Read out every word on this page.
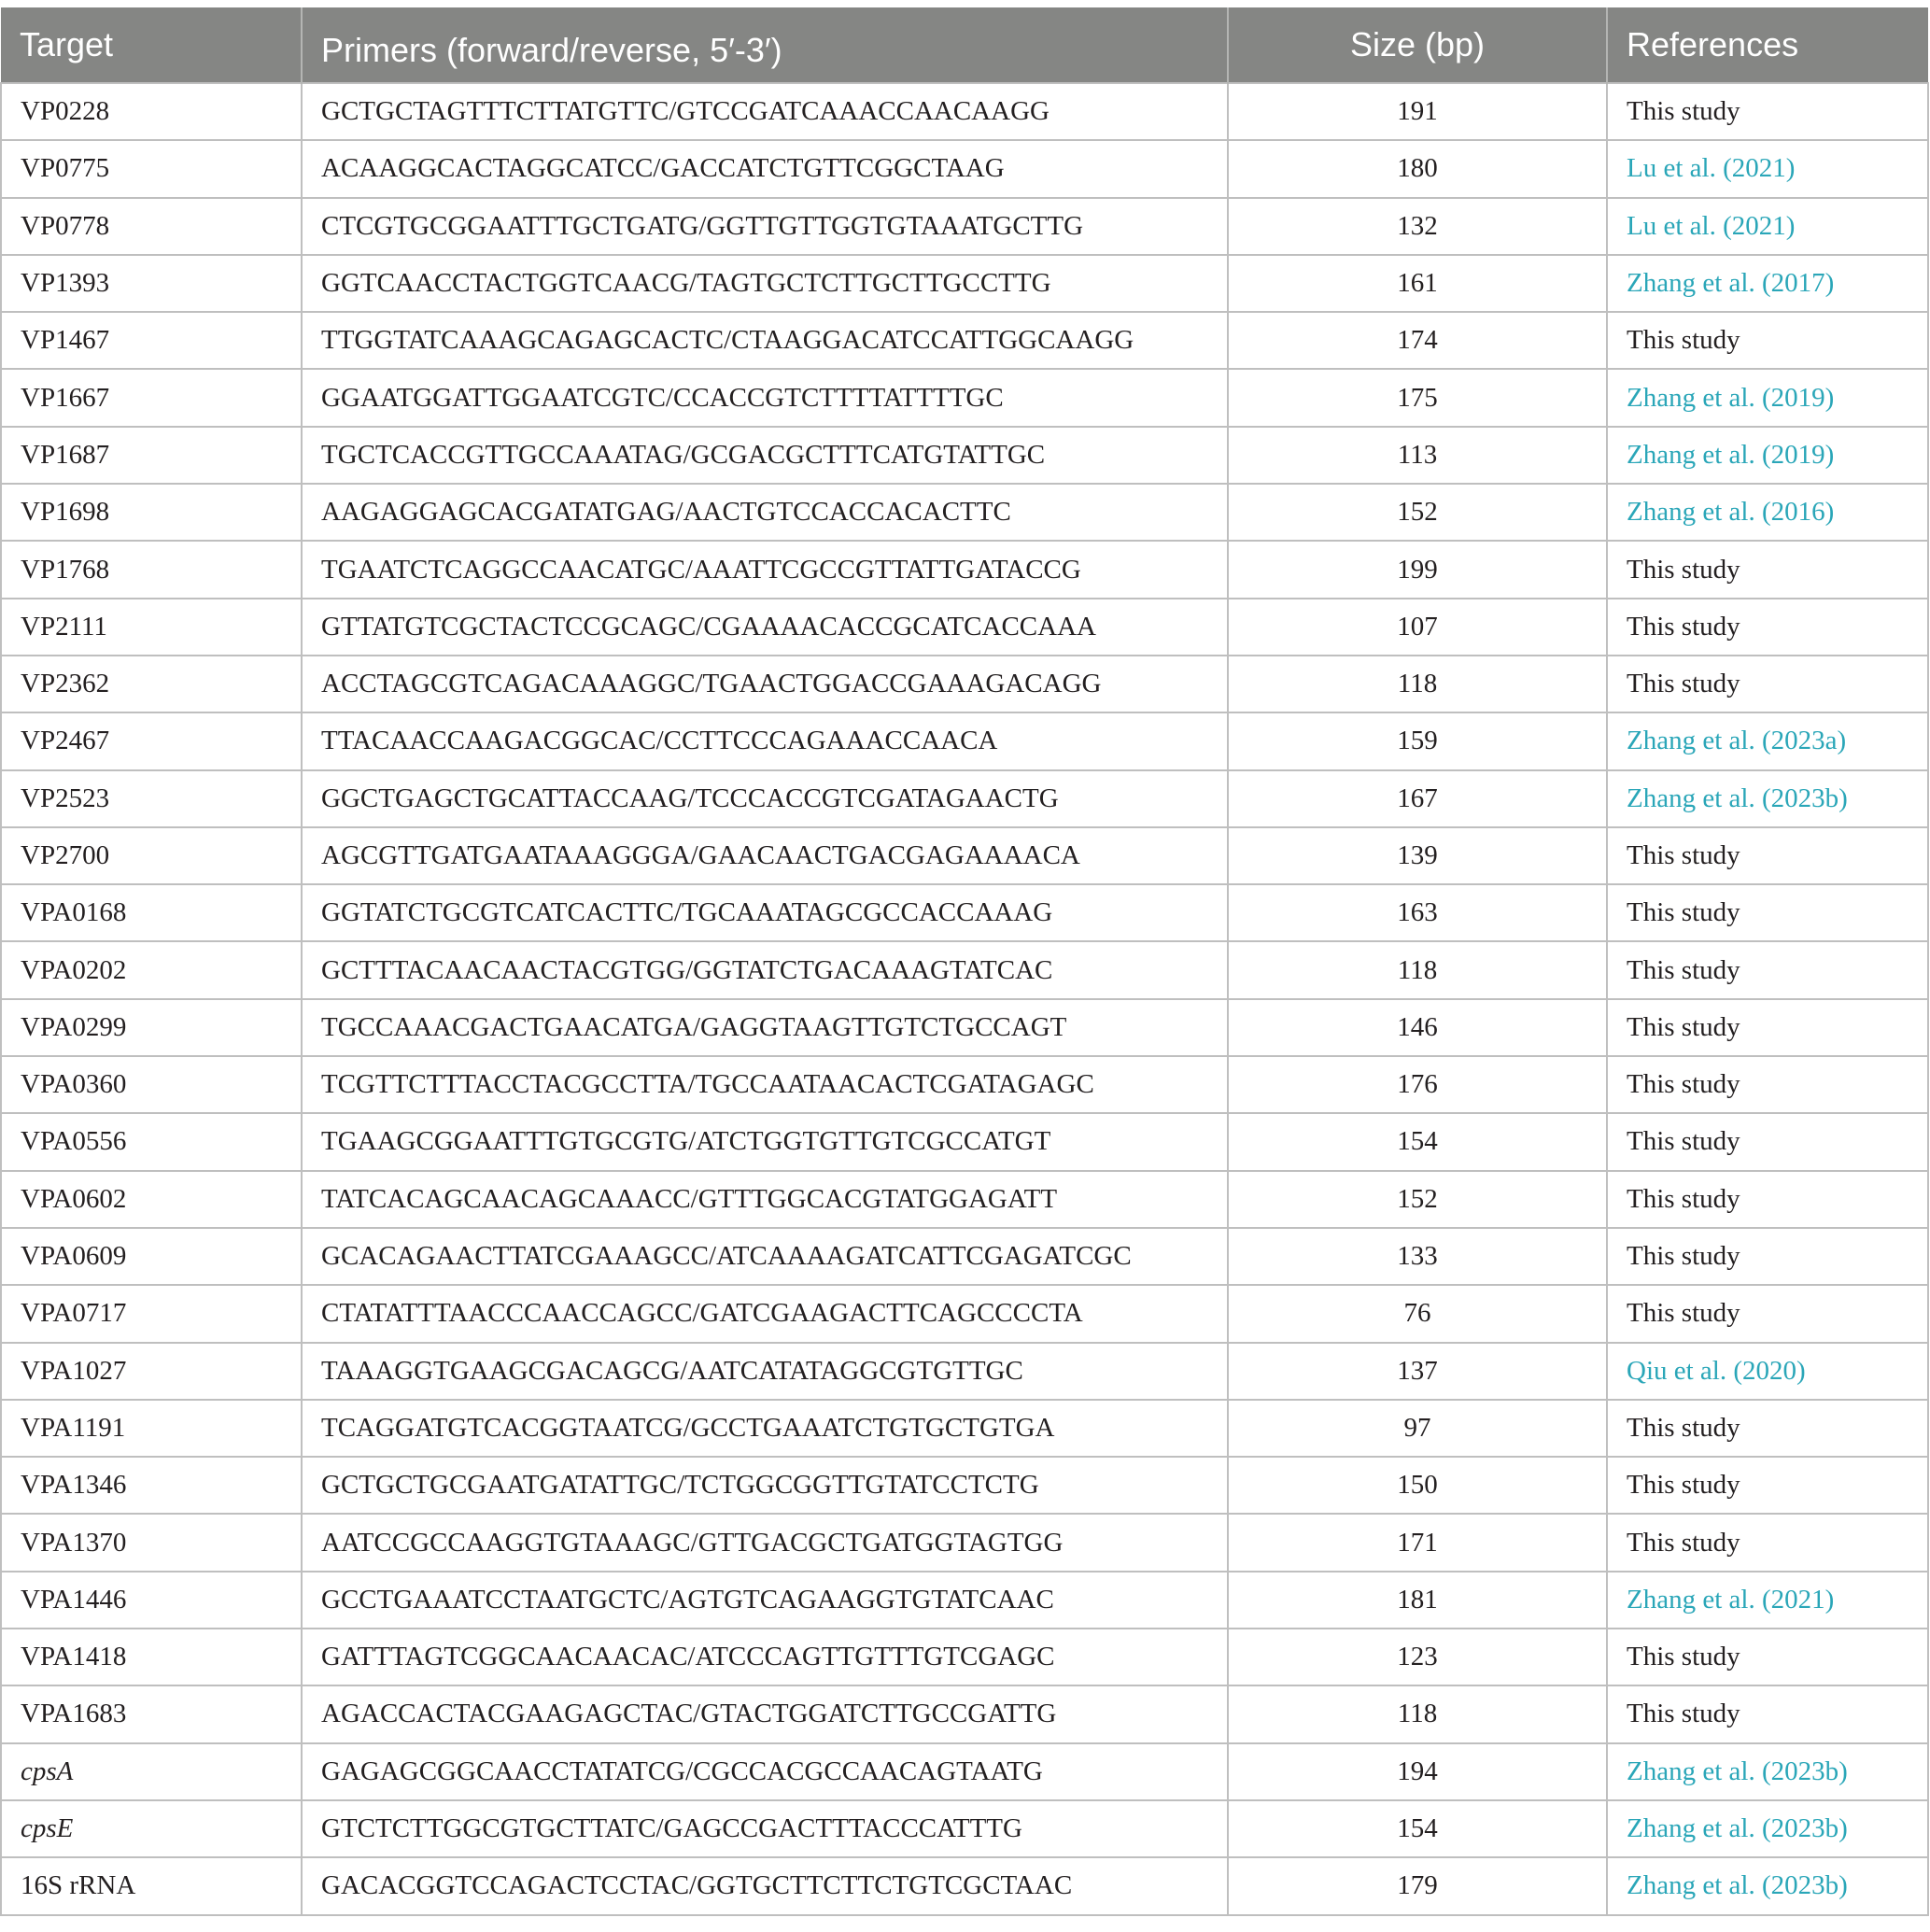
Target	Primers (forward/reverse, 5′-3′)	Size (bp)	References
VP0228	GCTGCTAGTTTCTTATGTTC/GTCCGATCAAACCAACAAGG	191	This study
VP0775	ACAAGGCACTAGGCATCC/GACCATCTGTTCGGCTAAG	180	Lu et al. (2021)
VP0778	CTCGTGCGGAATTTGCTGATG/GGTTGTTGGTGTAAATGCTTG	132	Lu et al. (2021)
VP1393	GGTCAACCTACTGGTCAACG/TAGTGCTCTTGCTTGCCTTG	161	Zhang et al. (2017)
VP1467	TTGGTATCAAAGCAGAGCACTC/CTAAGGACATCCATTGGCAAGG	174	This study
VP1667	GGAATGGATTGGAATCGTC/CCACCGTCTTTTATTTTGC	175	Zhang et al. (2019)
VP1687	TGCTCACCGTTGCCAAATAG/GCGACGCTTTCATGTATTGC	113	Zhang et al. (2019)
VP1698	AAGAGGAGCACGATATGAG/AACTGTCCACCACACTTC	152	Zhang et al. (2016)
VP1768	TGAATCTCAGGCCAACATGC/AAATTCGCCGTTATTGATACCG	199	This study
VP2111	GTTATGTCGCTACTCCGCAGC/CGAAAACACCGCATCACCAAA	107	This study
VP2362	ACCTAGCGTCAGACAAAGGC/TGAACTGGACCGAAAGACAGG	118	This study
VP2467	TTACAACCAAGACGGCAC/CCTTCCCAGAAACCAACA	159	Zhang et al. (2023a)
VP2523	GGCTGAGCTGCATTACCAAG/TCCCACCGTCGATAGAACTG	167	Zhang et al. (2023b)
VP2700	AGCGTTGATGAATAAAGGGA/GAACAACTGACGAGAAAACA	139	This study
VPA0168	GGTATCTGCGTCATCACTTC/TGCAAATAGCGCCACCAAAG	163	This study
VPA0202	GCTTTACAACAACTACGTGG/GGTATCTGACAAAGTATCAC	118	This study
VPA0299	TGCCAAACGACTGAACATGA/GAGGTAAGTTGTCTGCCAGT	146	This study
VPA0360	TCGTTCTTTACCTACGCCTTA/TGCCAATAACACTCGATAGAGC	176	This study
VPA0556	TGAAGCGGAATTTGTGCGTG/ATCTGGTGTTGTCGCCATGT	154	This study
VPA0602	TATCACAGCAACAGCAAACC/GTTTGGCACGTATGGAGATT	152	This study
VPA0609	GCACAGAACTTATCGAAAGCC/ATCAAAAGATCATTCGAGATCGC	133	This study
VPA0717	CTATATTTAACCCAACCAGCC/GATCGAAGACTTCAGCCCCTA	76	This study
VPA1027	TAAAGGTGAAGCGACAGCG/AATCATATAGGCGTGTTGC	137	Qiu et al. (2020)
VPA1191	TCAGGATGTCACGGTAATCG/GCCTGAAATCTGTGCTGTGA	97	This study
VPA1346	GCTGCTGCGAATGATATTGC/TCTGGCGGTTGTATCCTCTG	150	This study
VPA1370	AATCCGCCAAGGTGTAAAGC/GTTGACGCTGATGGTAGTGG	171	This study
VPA1446	GCCTGAAATCCTAATGCTC/AGTGTCAGAAGGTGTATCAAC	181	Zhang et al. (2021)
VPA1418	GATTTAGTCGGCAACAACAC/ATCCCAGTTGTTTGTCGAGC	123	This study
VPA1683	AGACCACTACGAAGAGCTAC/GTACTGGATCTTGCCGATTG	118	This study
cpsA	GAGAGCGGCAACCTATATCG/CGCCACGCCAACAGTAATG	194	Zhang et al. (2023b)
cpsE	GTCTCTTGGCGTGCTTATC/GAGCCGACTTTACCCATTTG	154	Zhang et al. (2023b)
16S rRNA	GACACGGTCCAGACTCCTAC/GGTGCTTCTTCTGTCGCTAAC	179	Zhang et al. (2023b)
